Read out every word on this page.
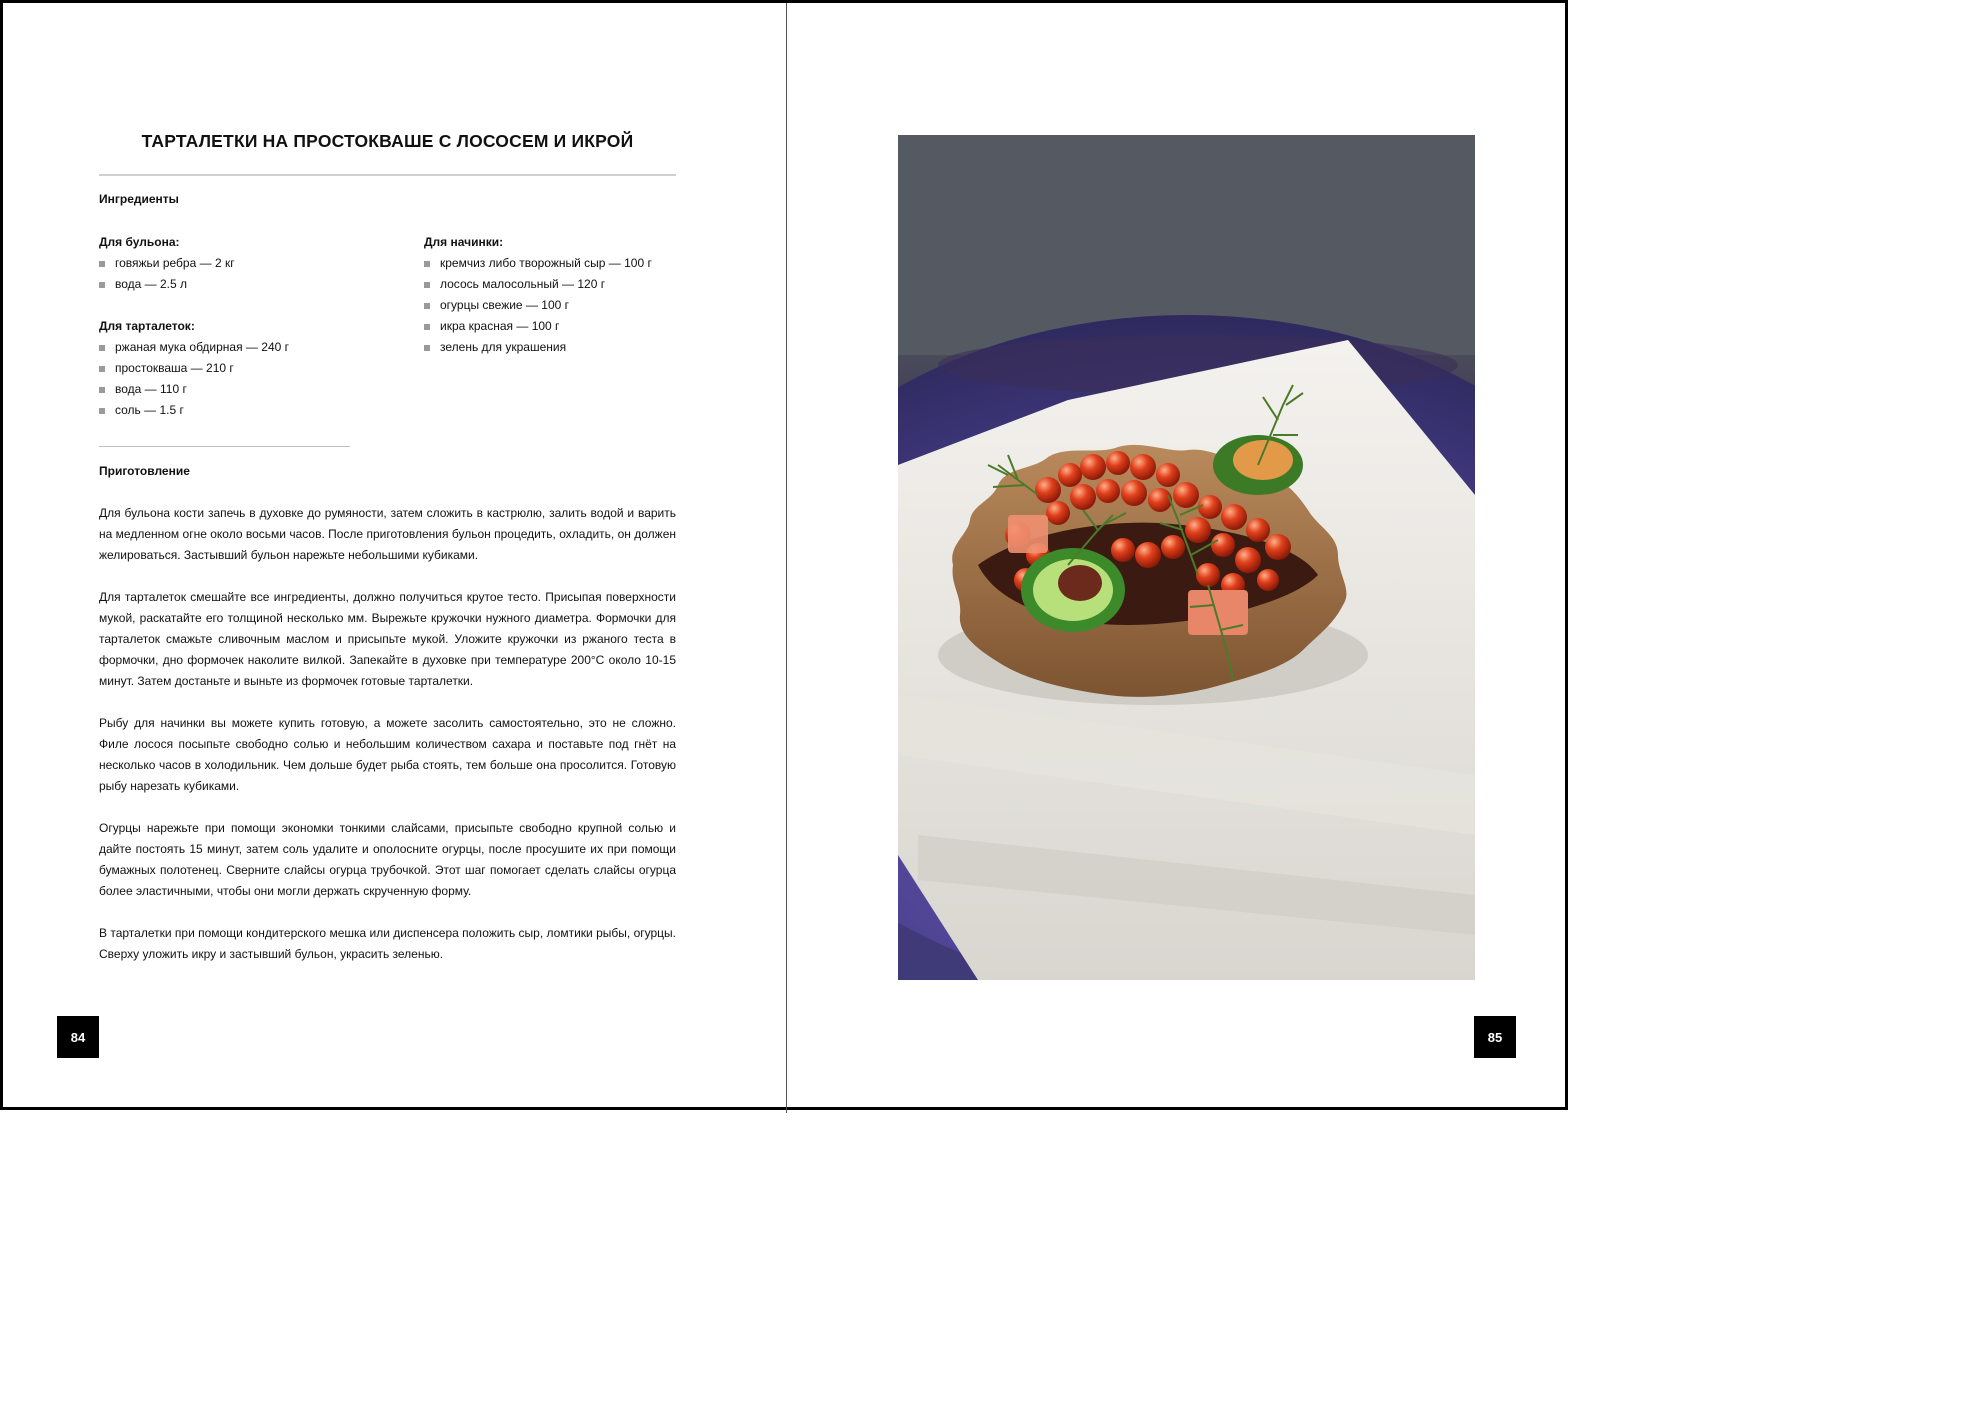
ТАРТАЛЕТКИ НА ПРОСТОКВАШЕ С ЛОСОСЕМ И ИКРОЙ
Ингредиенты
Для бульона:
говяжьи ребра — 2 кг
вода — 2.5 л
Для тарталеток:
ржаная мука обдирная — 240 г
простокваша — 210 г
вода — 110 г
соль — 1.5 г
Для начинки:
кремчиз либо творожный сыр — 100 г
лосось малосольный — 120 г
огурцы свежие — 100 г
икра красная — 100 г
зелень для украшения
Приготовление

Для бульона кости запечь в духовке до румяности, затем сложить в кастрюлю, залить водой и варить на медленном огне около восьми часов. После приготовления бульон процедить, охладить, он должен желироваться. Застывший бульон нарежьте небольшими кубиками.

Для тарталеток смешайте все ингредиенты, должно получиться крутое тесто. Присыпая поверхности мукой, раскатайте его толщиной несколько мм. Вырежьте кружочки нужного диаметра. Формочки для тарталеток смажьте сливочным маслом и присыпьте мукой. Уложите кружочки из ржаного теста в формочки, дно формочек наколите вилкой. Запекайте в духовке при температуре 200°С около 10-15 минут. Затем достаньте и выньте из формочек готовые тарталетки.

Рыбу для начинки вы можете купить готовую, а можете засолить самостоятельно, это не сложно. Филе лосося посыпьте свободно солью и небольшим количеством сахара и поставьте под гнёт на несколько часов в холодильник. Чем дольше будет рыба стоять, тем больше она просолится. Готовую рыбу нарезать кубиками.

Огурцы нарежьте при помощи экономки тонкими слайсами, присыпьте свободно крупной солью и дайте постоять 15 минут, затем соль удалите и ополосните огурцы, после просушите их при помощи бумажных полотенец. Сверните слайсы огурца трубочкой. Этот шаг помогает сделать слайсы огурца более эластичными, чтобы они могли держать скрученную форму.

В тарталетки при помощи кондитерского мешка или диспенсера положить сыр, ломтики рыбы, огурцы. Сверху уложить икру и застывший бульон, украсить зеленью.

84	85
